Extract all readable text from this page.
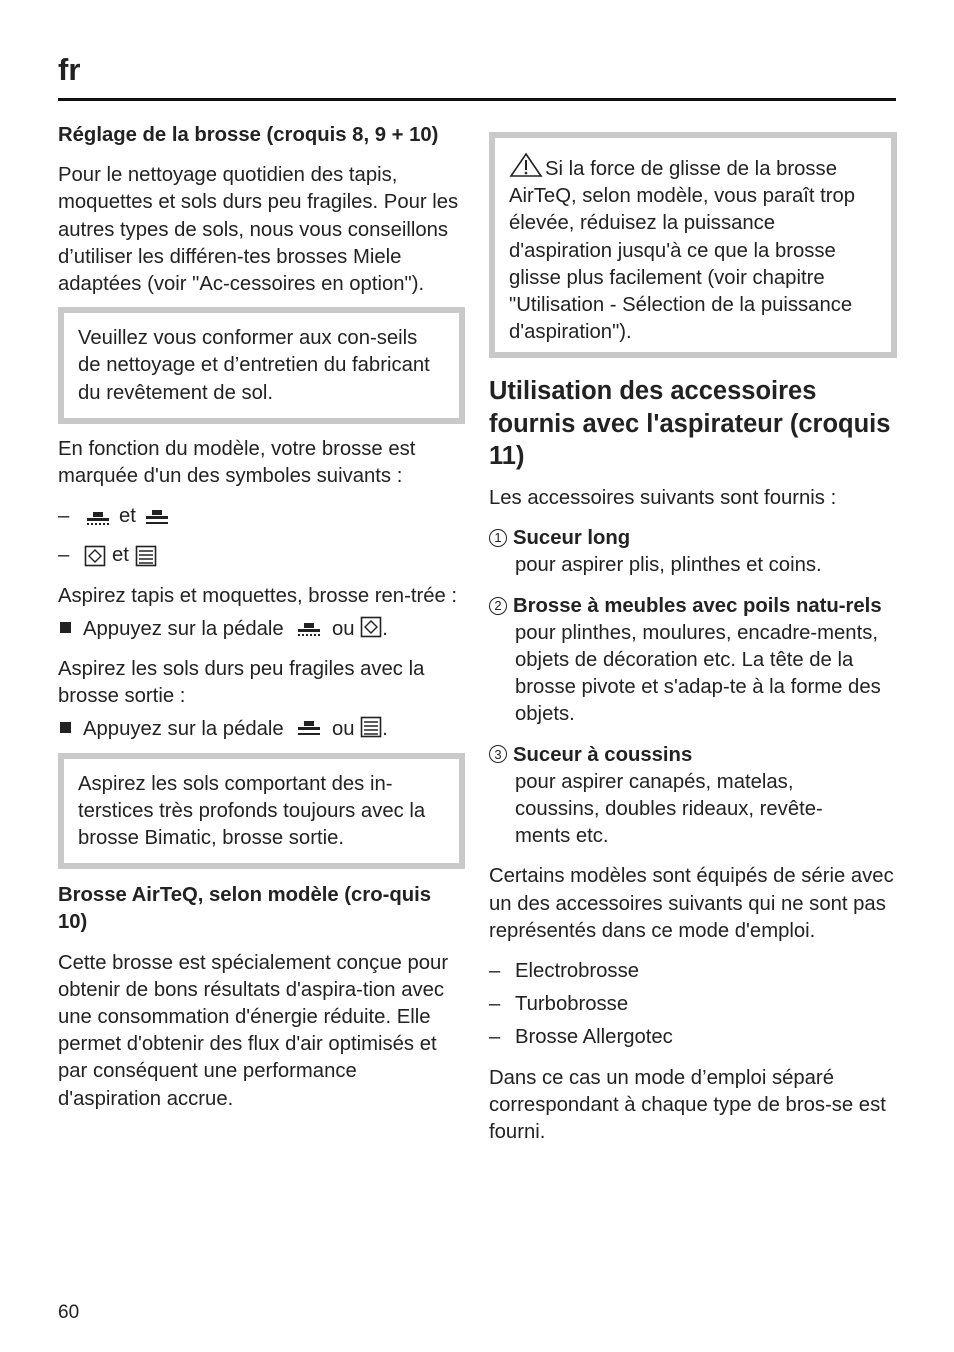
fr

Réglage de la brosse (croquis 8, 9 + 10)

Pour le nettoyage quotidien des tapis, moquettes et sols durs peu fragiles. Pour les autres types de sols, nous vous conseillons d’utiliser les différen-tes brosses Miele adaptées (voir "Ac-cessoires en option").

Veuillez vous conformer aux con-seils de nettoyage et d’entretien du fabricant du revêtement de sol.

En fonction du modèle, votre brosse est marquée d'un des symboles suivants :

–	et
–	et

Aspirez tapis et moquettes, brosse ren-trée :

Appuyez sur la pédale ou .

Aspirez les sols durs peu fragiles avec la brosse sortie :

Appuyez sur la pédale ou .

Aspirez les sols comportant des in-terstices très profonds toujours avec la brosse Bimatic, brosse sortie.

Brosse AirTeQ, selon modèle (cro-quis 10)

Cette brosse est spécialement conçue pour obtenir de bons résultats d'aspira-tion avec une consommation d'énergie réduite. Elle permet d'obtenir des flux d'air optimisés et par conséquent une performance d'aspiration accrue.

Si la force de glisse de la brosse AirTeQ, selon modèle, vous paraît trop élevée, réduisez la puissance d'aspiration jusqu'à ce que la brosse glisse plus facilement (voir chapitre "Utilisation - Sélection de la puissance d'aspiration").

Utilisation des accessoires fournis avec l'aspirateur (croquis 11)

Les accessoires suivants sont fournis :

1 Suceur long

pour aspirer plis, plinthes et coins.

2 Brosse à meubles avec poils natu-rels

pour plinthes, moulures, encadre-ments, objets de décoration etc. La tête de la brosse pivote et s'adap-te à la forme des objets.

3 Suceur à coussins

pour aspirer canapés, matelas, coussins, doubles rideaux, revête-ments etc.

Certains modèles sont équipés de série avec un des accessoires suivants qui ne sont pas représentés dans ce mode d'emploi.

– Electrobrosse
– Turbobrosse
– Brosse Allergotec

Dans ce cas un mode d’emploi séparé correspondant à chaque type de bros-se est fourni.

60
